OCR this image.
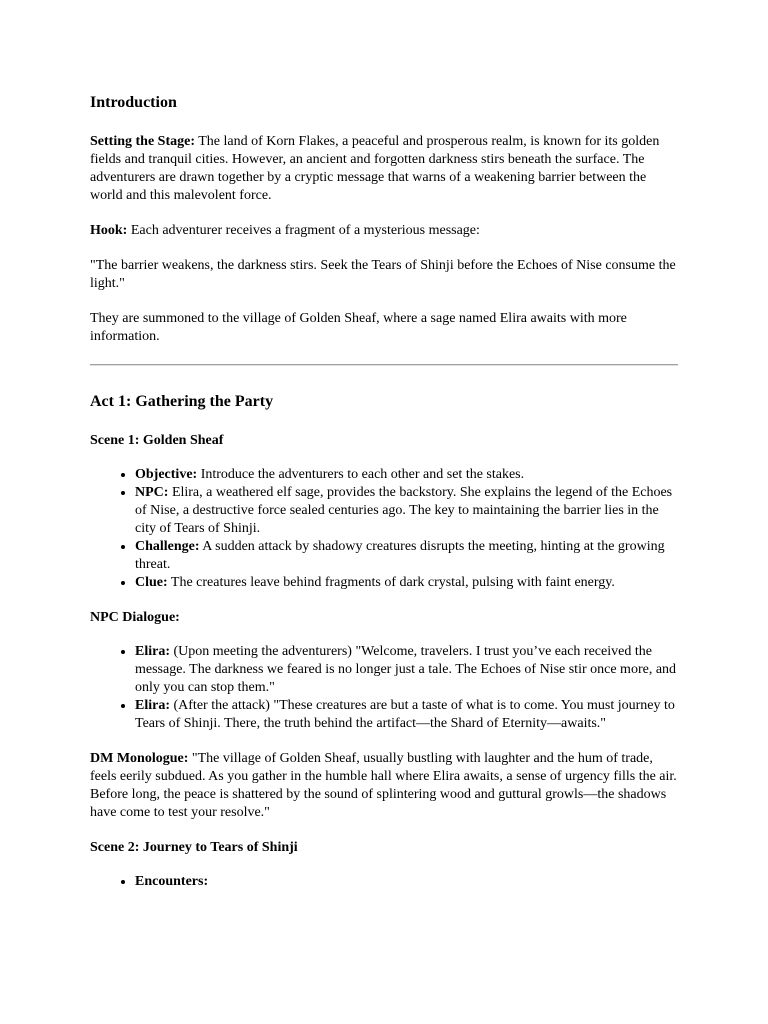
Introduction

Setting the Stage: The land of Korn Flakes, a peaceful and prosperous realm, is known for its golden fields and tranquil cities. However, an ancient and forgotten darkness stirs beneath the surface. The adventurers are drawn together by a cryptic message that warns of a weakening barrier between the world and this malevolent force.

Hook: Each adventurer receives a fragment of a mysterious message:

"The barrier weakens, the darkness stirs. Seek the Tears of Shinji before the Echoes of Nise consume the light."

They are summoned to the village of Golden Sheaf, where a sage named Elira awaits with more information.

Act 1: Gathering the Party
Scene 1: Golden Sheaf
• Objective: Introduce the adventurers to each other and set the stakes.
• NPC: Elira, a weathered elf sage, provides the backstory. She explains the legend of the Echoes of Nise, a destructive force sealed centuries ago. The key to maintaining the barrier lies in the city of Tears of Shinji.
• Challenge: A sudden attack by shadowy creatures disrupts the meeting, hinting at the growing threat.
• Clue: The creatures leave behind fragments of dark crystal, pulsing with faint energy.
NPC Dialogue:
• Elira: (Upon meeting the adventurers) "Welcome, travelers. I trust you’ve each received the message. The darkness we feared is no longer just a tale. The Echoes of Nise stir once more, and only you can stop them."
• Elira: (After the attack) "These creatures are but a taste of what is to come. You must journey to Tears of Shinji. There, the truth behind the artifact—the Shard of Eternity—awaits."

DM Monologue: "The village of Golden Sheaf, usually bustling with laughter and the hum of trade, feels eerily subdued. As you gather in the humble hall where Elira awaits, a sense of urgency fills the air. Before long, the peace is shattered by the sound of splintering wood and guttural growls—the shadows have come to test your resolve."

Scene 2: Journey to Tears of Shinji
• Encounters:
